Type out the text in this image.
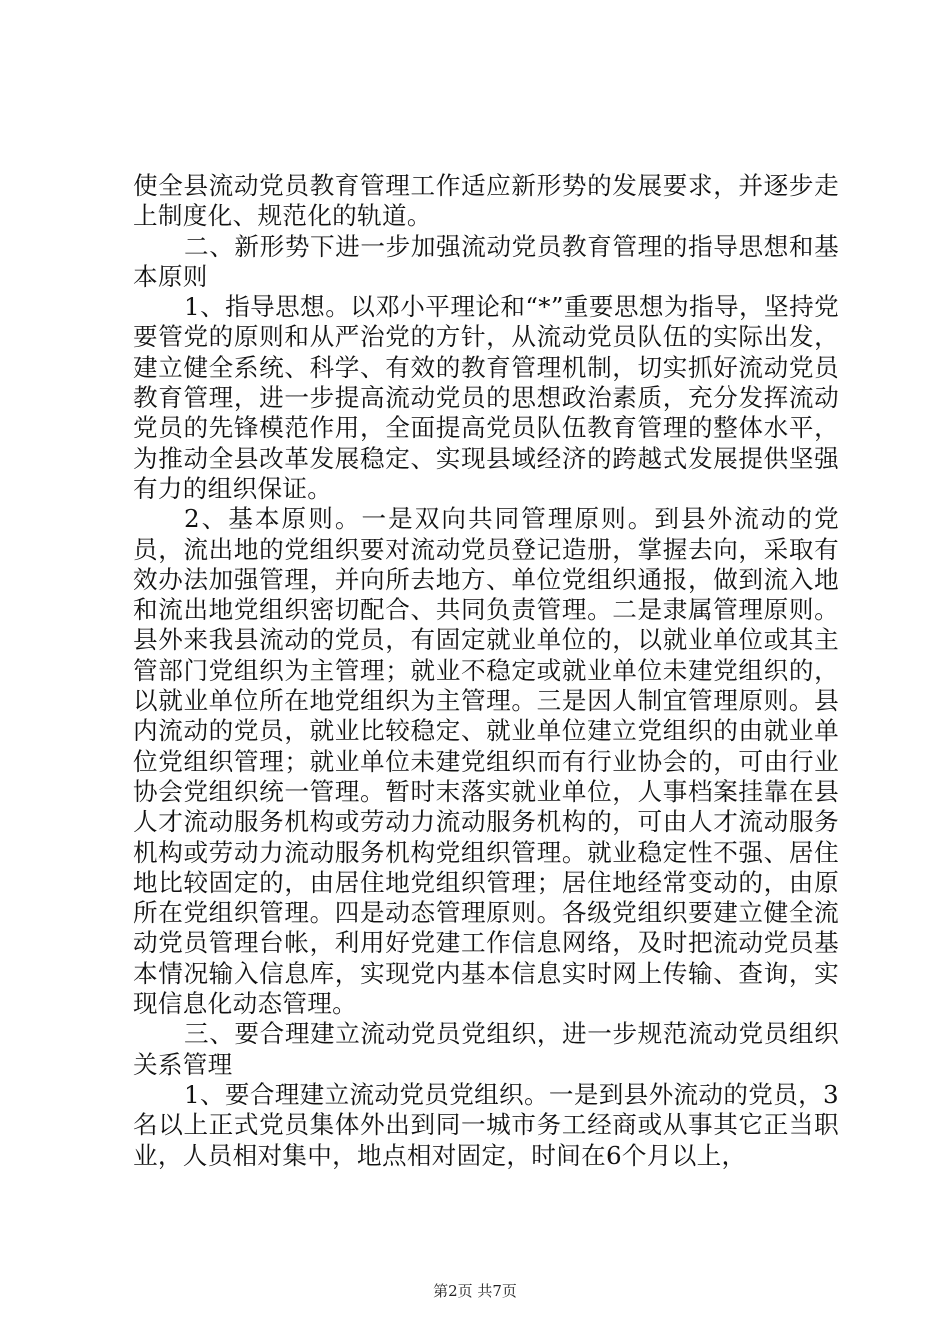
使全县流动党员教育管理工作适应新形势的发展要求，并逐步走上制度化、规范化的轨道。

二、新形势下进一步加强流动党员教育管理的指导思想和基本原则

1、指导思想。以邓小平理论和“*”重要思想为指导，坚持党要管党的原则和从严治党的方针，从流动党员队伍的实际出发，建立健全系统、科学、有效的教育管理机制，切实抓好流动党员教育管理，进一步提高流动党员的思想政治素质，充分发挥流动党员的先锋模范作用，全面提高党员队伍教育管理的整体水平，为推动全县改革发展稳定、实现县域经济的跨越式发展提供坚强有力的组织保证。

2、基本原则。一是双向共同管理原则。到县外流动的党员，流出地的党组织要对流动党员登记造册，掌握去向，采取有效办法加强管理，并向所去地方、单位党组织通报，做到流入地和流出地党组织密切配合、共同负责管理。二是隶属管理原则。县外来我县流动的党员，有固定就业单位的，以就业单位或其主管部门党组织为主管理；就业不稳定或就业单位未建党组织的，以就业单位所在地党组织为主管理。三是因人制宜管理原则。县内流动的党员，就业比较稳定、就业单位建立党组织的由就业单位党组织管理；就业单位未建党组织而有行业协会的，可由行业协会党组织统一管理。暂时末落实就业单位，人事档案挂靠在县人才流动服务机构或劳动力流动服务机构的，可由人才流动服务机构或劳动力流动服务机构党组织管理。就业稳定性不强、居住地比较固定的，由居住地党组织管理；居住地经常变动的，由原所在党组织管理。四是动态管理原则。各级党组织要建立健全流动党员管理台帐，利用好党建工作信息网络，及时把流动党员基本情况输入信息库，实现党内基本信息实时网上传输、查询，实现信息化动态管理。

三、要合理建立流动党员党组织，进一步规范流动党员组织关系管理

1、要合理建立流动党员党组织。一是到县外流动的党员，3名以上正式党员集体外出到同一城市务工经商或从事其它正当职业，人员相对集中，地点相对固定，时间在6个月以上，

第2页 共7页
